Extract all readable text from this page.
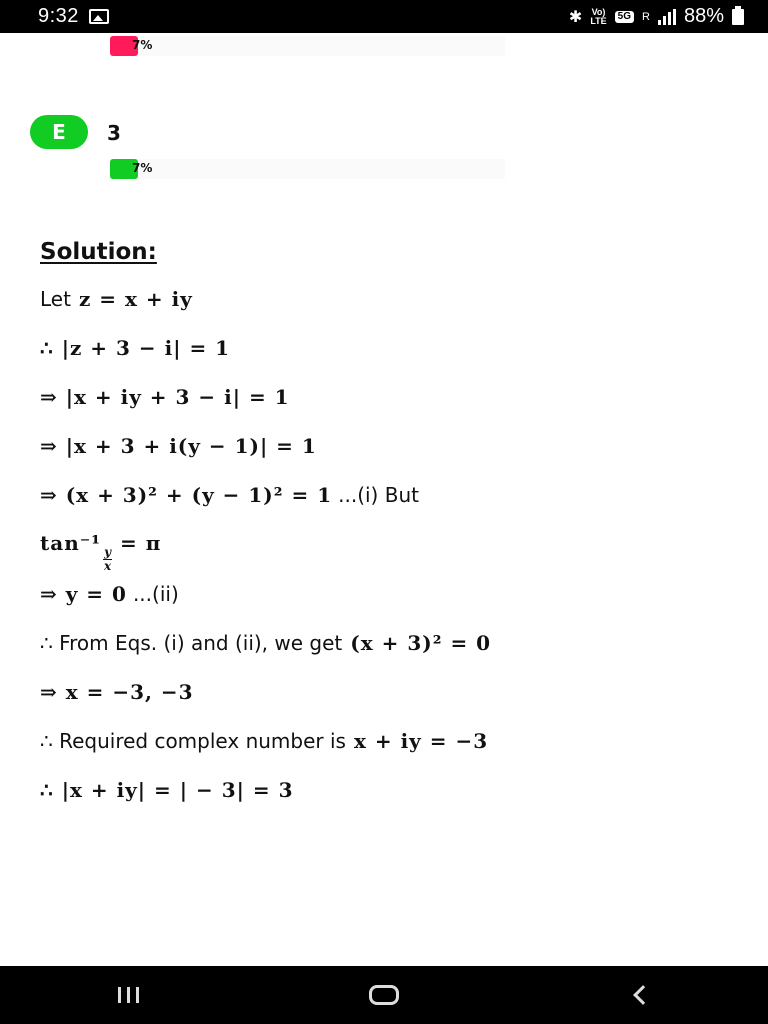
9:32	✱ Vo)
LTE	5G R 88%
7%
E	3
7%
Solution:
Let z = x + iy
∴ |z + 3 − i| = 1
⇒ |x + iy + 3 − i| = 1
⇒ |x + 3 + i(y − 1)| = 1
⇒ (x + 3)² + (y − 1)² = 1 ...(i) But
tan⁻¹
$\frac{y}{x}$
= π
⇒ y = 0 ...(ii)
∴ From Eqs. (i) and (ii), we get (x + 3)² = 0
⇒ x = −3, −3
∴ Required complex number is x + iy = −3
∴ |x + iy| = | − 3| = 3
